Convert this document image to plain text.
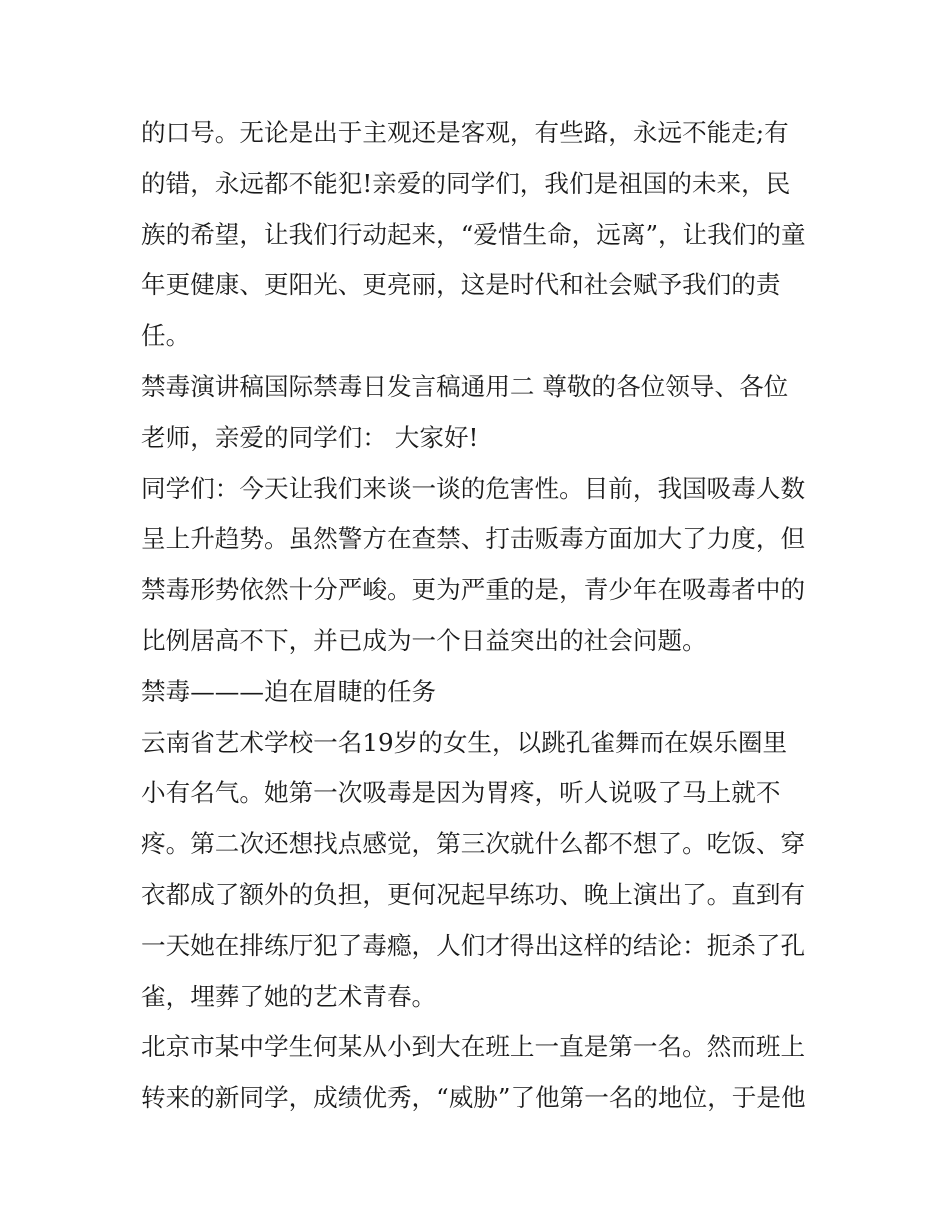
的口号。无论是出于主观还是客观，有些路，永远不能走;有
的错，永远都不能犯!亲爱的同学们，我们是祖国的未来，民
族的希望，让我们行动起来，“爱惜生命，远离”，让我们的童
年更健康、更阳光、更亮丽，这是时代和社会赋予我们的责
任。
禁毒演讲稿国际禁毒日发言稿通用二 尊敬的各位领导、各位
老师，亲爱的同学们： 大家好!
同学们：今天让我们来谈一谈的危害性。目前，我国吸毒人数
呈上升趋势。虽然警方在查禁、打击贩毒方面加大了力度，但
禁毒形势依然十分严峻。更为严重的是，青少年在吸毒者中的
比例居高不下，并已成为一个日益突出的社会问题。
禁毒———迫在眉睫的任务
云南省艺术学校一名19岁的女生，以跳孔雀舞而在娱乐圈里
小有名气。她第一次吸毒是因为胃疼，听人说吸了马上就不
疼。第二次还想找点感觉，第三次就什么都不想了。吃饭、穿
衣都成了额外的负担，更何况起早练功、晚上演出了。直到有
一天她在排练厅犯了毒瘾，人们才得出这样的结论：扼杀了孔
雀，埋葬了她的艺术青春。
北京市某中学生何某从小到大在班上一直是第一名。然而班上
转来的新同学，成绩优秀，“威胁”了他第一名的地位，于是他
